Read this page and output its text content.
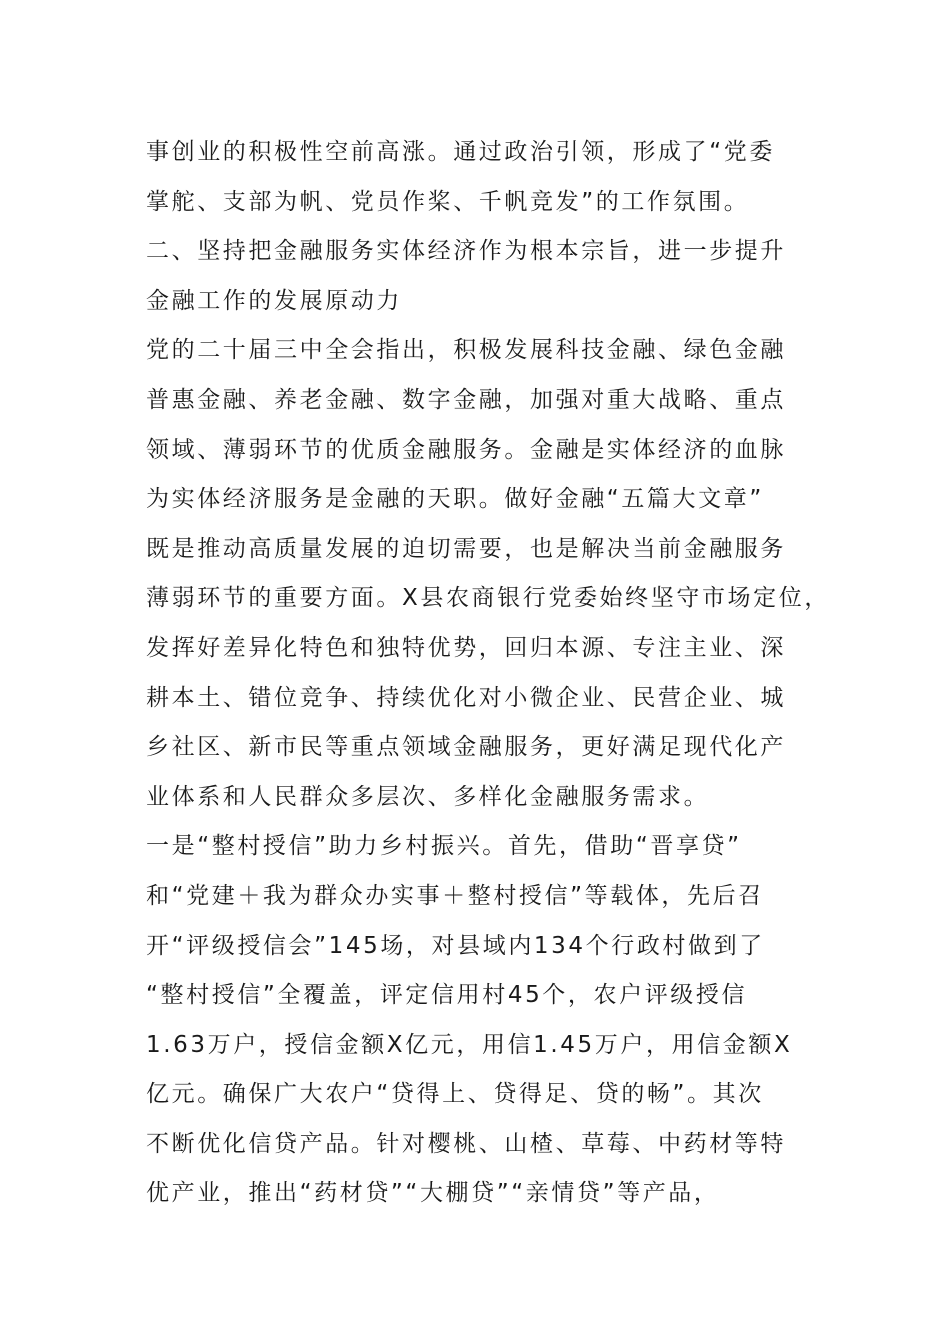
事创业的积极性空前高涨。通过政治引领，形成了“党委
掌舵、支部为帆、党员作桨、千帆竞发”的工作氛围。
二、坚持把金融服务实体经济作为根本宗旨，进一步提升
金融工作的发展原动力
党的二十届三中全会指出，积极发展科技金融、绿色金融
普惠金融、养老金融、数字金融，加强对重大战略、重点
领域、薄弱环节的优质金融服务。金融是实体经济的血脉
为实体经济服务是金融的天职。做好金融“五篇大文章”
既是推动高质量发展的迫切需要，也是解决当前金融服务
薄弱环节的重要方面。X县农商银行党委始终坚守市场定位，
发挥好差异化特色和独特优势，回归本源、专注主业、深
耕本土、错位竞争、持续优化对小微企业、民营企业、城
乡社区、新市民等重点领域金融服务，更好满足现代化产
业体系和人民群众多层次、多样化金融服务需求。
一是“整村授信”助力乡村振兴。首先，借助“晋享贷”
和“党建＋我为群众办实事＋整村授信”等载体，先后召
开“评级授信会”145场，对县域内134个行政村做到了
“整村授信”全覆盖，评定信用村45个，农户评级授信
1.63万户，授信金额X亿元，用信1.45万户，用信金额X
亿元。确保广大农户“贷得上、贷得足、贷的畅”。其次
不断优化信贷产品。针对樱桃、山楂、草莓、中药材等特
优产业，推出“药材贷”“大棚贷”“亲情贷”等产品，
